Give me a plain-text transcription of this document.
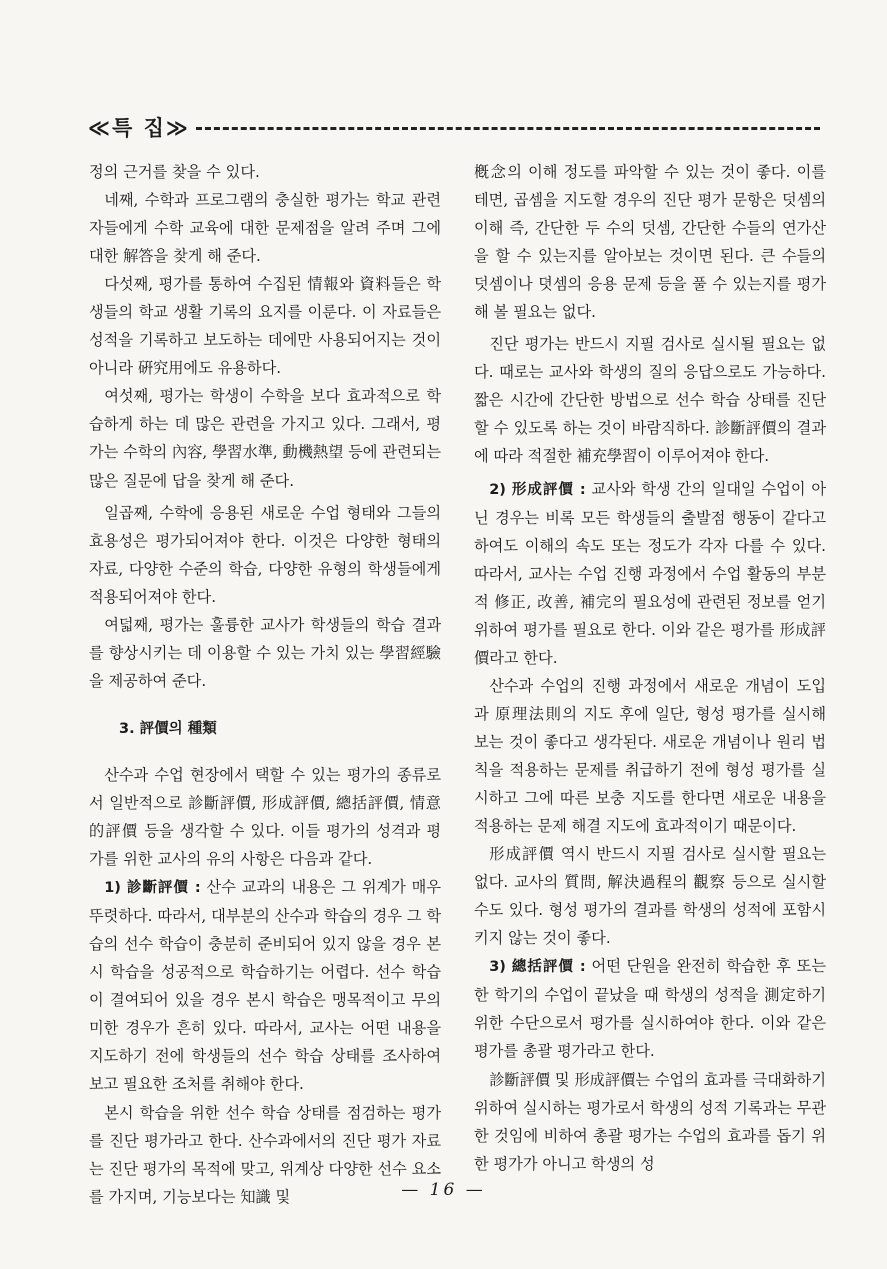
≪특 집≫

정의 근거를 찾을 수 있다.

네째, 수학과 프로그램의 충실한 평가는 학교 관련자들에게 수학 교육에 대한 문제점을 알려 주며 그에 대한 解答을 찾게 해 준다.

다섯째, 평가를 통하여 수집된 情報와 資料들은 학생들의 학교 생활 기록의 요지를 이룬다. 이 자료들은 성적을 기록하고 보도하는 데에만 사용되어지는 것이 아니라 硏究用에도 유용하다.

여섯째, 평가는 학생이 수학을 보다 효과적으로 학습하게 하는 데 많은 관련을 가지고 있다. 그래서, 평가는 수학의 內容, 學習水準, 動機熱望 등에 관련되는 많은 질문에 답을 찾게 해 준다.

일곱째, 수학에 응용된 새로운 수업 형태와 그들의 효용성은 평가되어져야 한다. 이것은 다양한 형태의 자료, 다양한 수준의 학습, 다양한 유형의 학생들에게 적용되어져야 한다.

여덟째, 평가는 훌륭한 교사가 학생들의 학습 결과를 향상시키는 데 이용할 수 있는 가치 있는 學習經驗을 제공하여 준다.

3. 評價의 種類

산수과 수업 현장에서 택할 수 있는 평가의 종류로서 일반적으로 診斷評價, 形成評價, 總括評價, 情意的評價 등을 생각할 수 있다. 이들 평가의 성격과 평가를 위한 교사의 유의 사항은 다음과 같다.

1) 診斷評價 : 산수 교과의 내용은 그 위계가 매우 뚜렷하다. 따라서, 대부분의 산수과 학습의 경우 그 학습의 선수 학습이 충분히 준비되어 있지 않을 경우 본시 학습을 성공적으로 학습하기는 어렵다. 선수 학습이 결여되어 있을 경우 본시 학습은 맹목적이고 무의미한 경우가 흔히 있다. 따라서, 교사는 어떤 내용을 지도하기 전에 학생들의 선수 학습 상태를 조사하여 보고 필요한 조처를 취해야 한다.

본시 학습을 위한 선수 학습 상태를 점검하는 평가를 진단 평가라고 한다. 산수과에서의 진단 평가 자료는 진단 평가의 목적에 맞고, 위계상 다양한 선수 요소를 가지며, 기능보다는 知識 및

槪念의 이해 정도를 파악할 수 있는 것이 좋다. 이를테면, 곱셈을 지도할 경우의 진단 평가 문항은 덧셈의 이해 즉, 간단한 두 수의 덧셈, 간단한 수들의 연가산을 할 수 있는지를 알아보는 것이면 된다. 큰 수들의 덧셈이나 뎟셈의 응용 문제 등을 풀 수 있는지를 평가해 볼 필요는 없다.

진단 평가는 반드시 지필 검사로 실시될 필요는 없다. 때로는 교사와 학생의 질의 응답으로도 가능하다. 짧은 시간에 간단한 방법으로 선수 학습 상태를 진단할 수 있도록 하는 것이 바람직하다. 診斷評價의 결과에 따라 적절한 補充學習이 이루어져야 한다.

2) 形成評價 : 교사와 학생 간의 일대일 수업이 아닌 경우는 비록 모든 학생들의 출발점 행동이 같다고 하여도 이해의 속도 또는 정도가 각자 다를 수 있다. 따라서, 교사는 수업 진행 과정에서 수업 활동의 부분적 修正, 改善, 補完의 필요성에 관련된 정보를 얻기 위하여 평가를 필요로 한다. 이와 같은 평가를 形成評價라고 한다.

산수과 수업의 진행 과정에서 새로운 개념이 도입과 原理法則의 지도 후에 일단, 형성 평가를 실시해 보는 것이 좋다고 생각된다. 새로운 개념이나 원리 법칙을 적용하는 문제를 취급하기 전에 형성 평가를 실시하고 그에 따른 보충 지도를 한다면 새로운 내용을 적용하는 문제 해결 지도에 효과적이기 때문이다.

形成評價 역시 반드시 지필 검사로 실시할 필요는 없다. 교사의 質問, 解決過程의 觀察 등으로 실시할 수도 있다. 형성 평가의 결과를 학생의 성적에 포함시키지 않는 것이 좋다.

3) 總括評價 : 어떤 단원을 완전히 학습한 후 또는 한 학기의 수업이 끝났을 때 학생의 성적을 測定하기 위한 수단으로서 평가를 실시하여야 한다. 이와 같은 평가를 총괄 평가라고 한다.

診斷評價 및 形成評價는 수업의 효과를 극대화하기 위하여 실시하는 평가로서 학생의 성적 기록과는 무관한 것임에 비하여 총괄 평가는 수업의 효과를 돕기 위한 평가가 아니고 학생의 성

— 16 —
